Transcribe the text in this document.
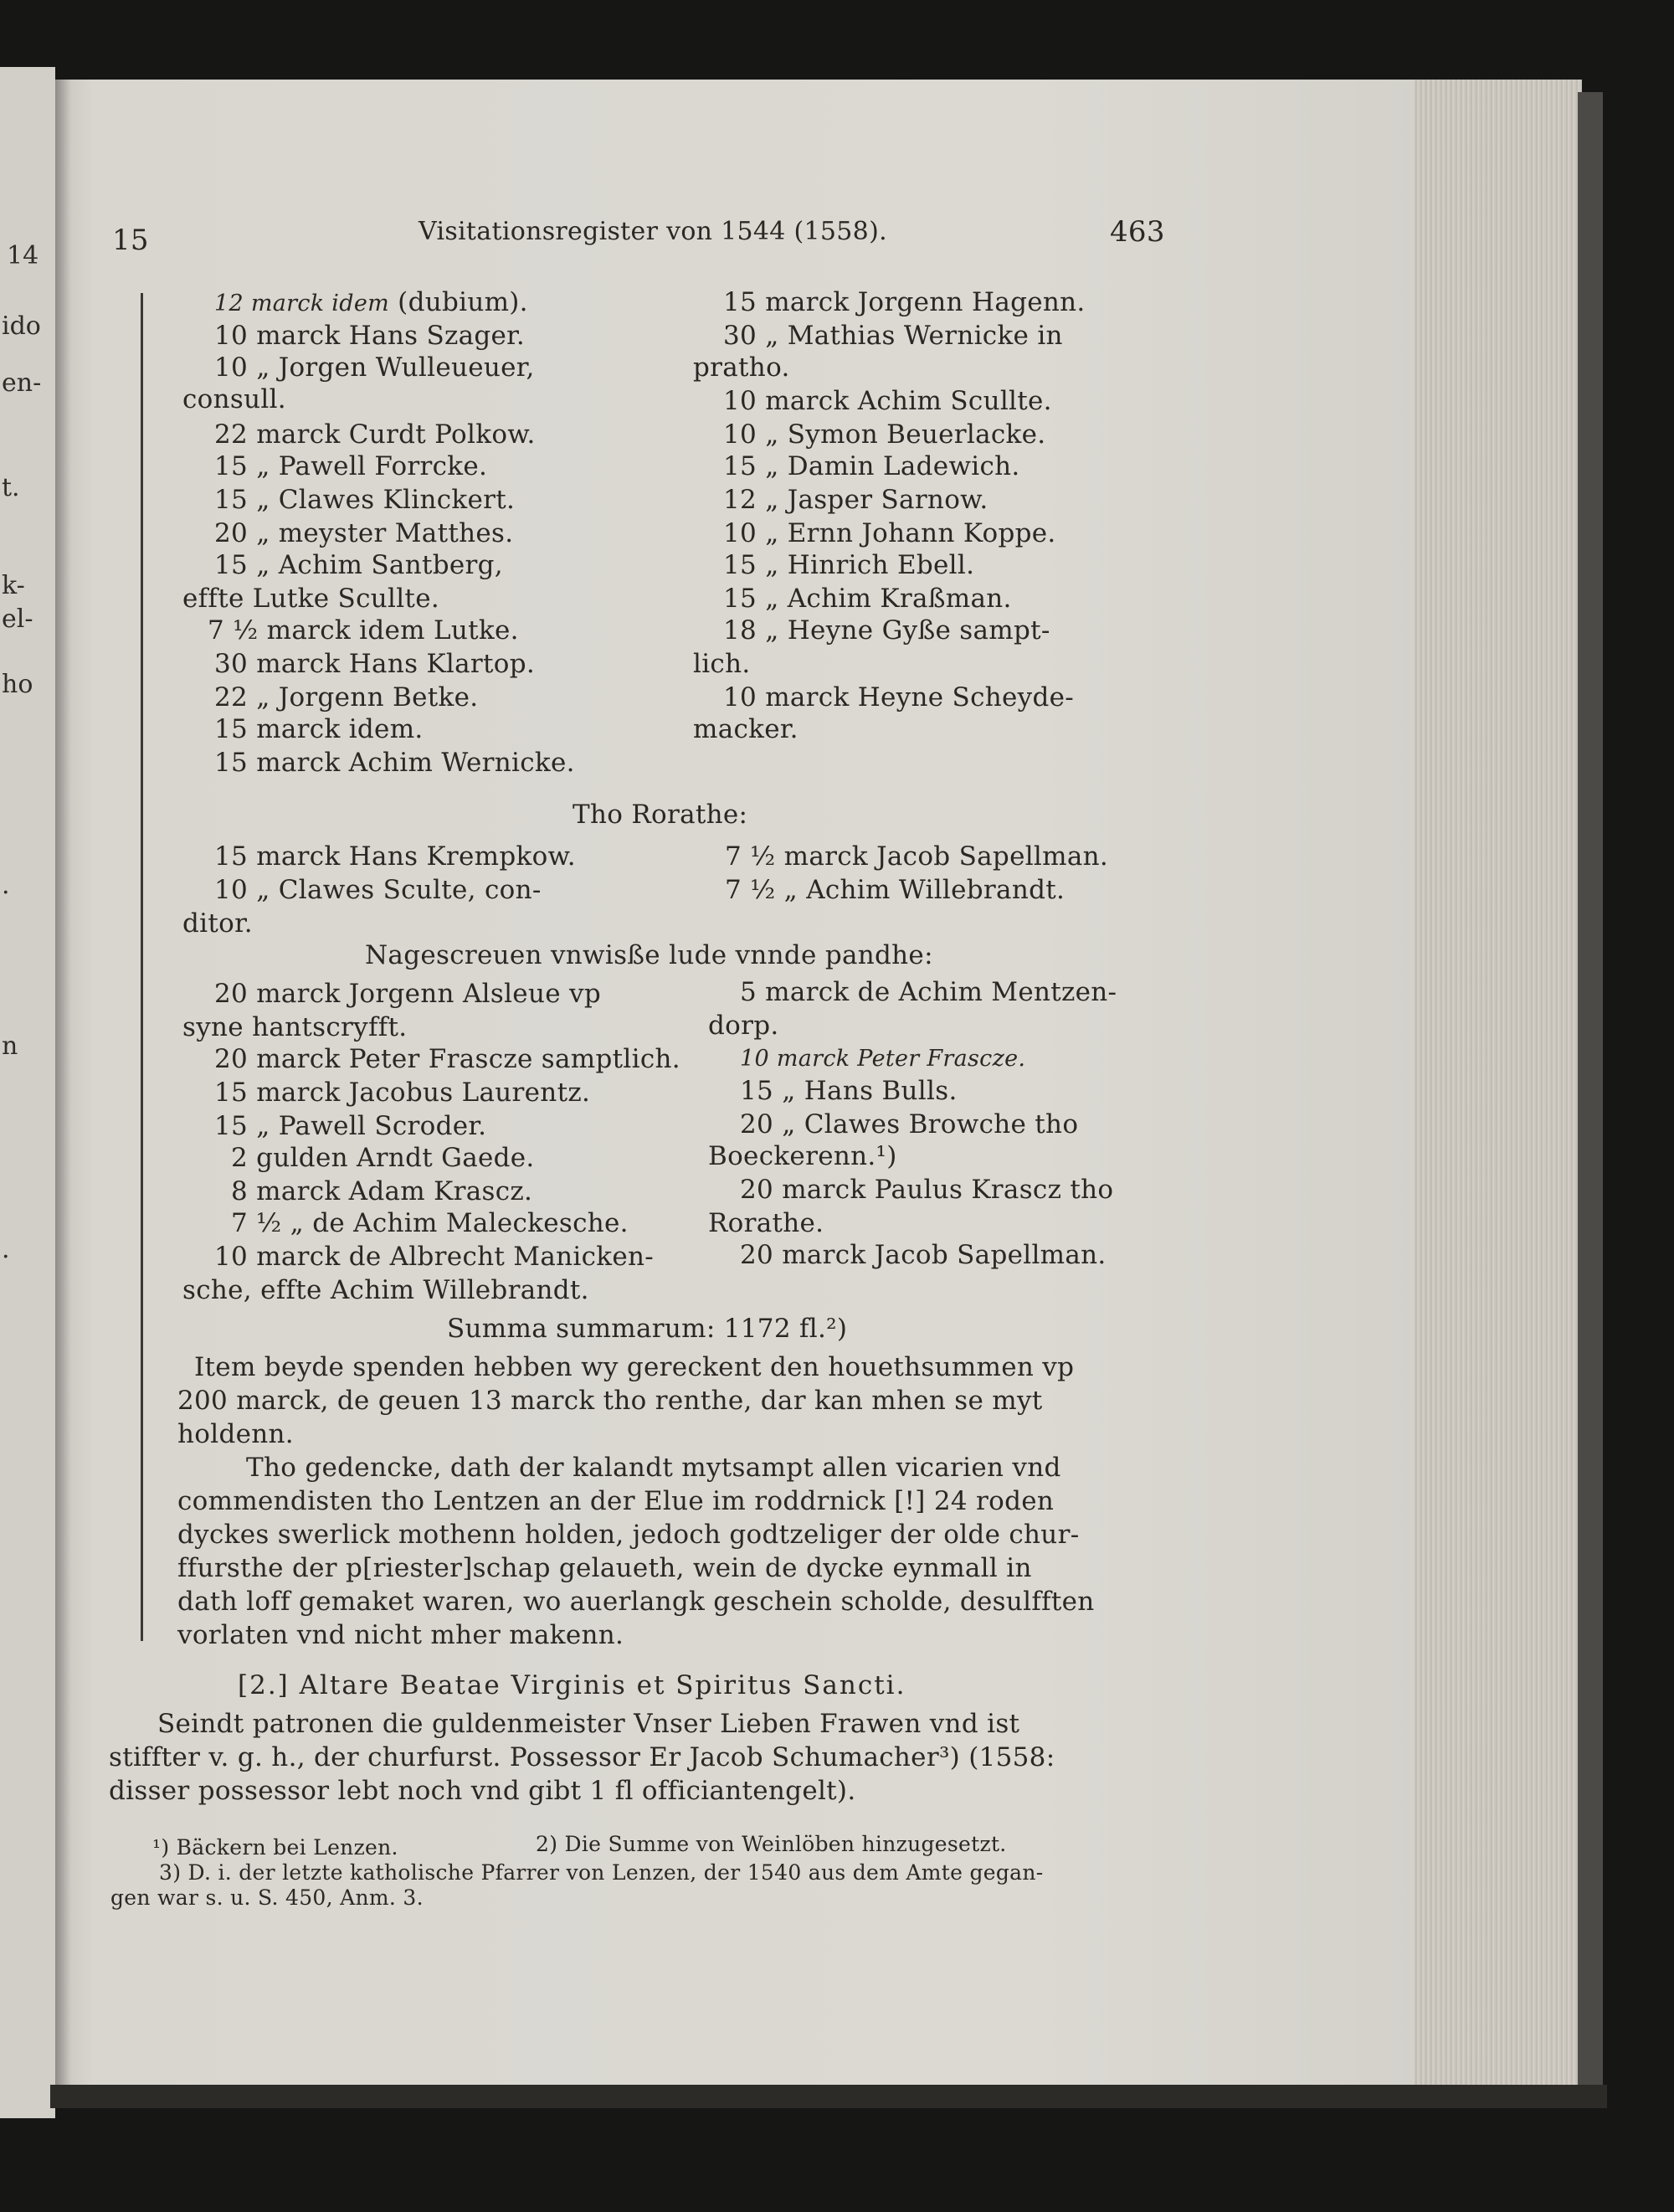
14
ido
en-
t.
k-
el-
ho
.
n
.
15	Visitationsregister von 1544 (1558).	463
12 marck idem (dubium).
10 marck Hans Szager.
10 „ Jorgen Wulleueuer,
consull.
22 marck Curdt Polkow.
15 „ Pawell Forrcke.
15 „ Clawes Klinckert.
20 „ meyster Matthes.
15 „ Achim Santberg,
effte Lutke Scullte.
7 ½ marck idem Lutke.
30 marck Hans Klartop.
22 „ Jorgenn Betke.
15 marck idem.
15 marck Achim Wernicke.
15 marck Jorgenn Hagenn.
30 „ Mathias Wernicke in
pratho.
10 marck Achim Scullte.
10 „ Symon Beuerlacke.
15 „ Damin Ladewich.
12 „ Jasper Sarnow.
10 „ Ernn Johann Koppe.
15 „ Hinrich Ebell.
15 „ Achim Kraßman.
18 „ Heyne Gyße sampt-
lich.
10 marck Heyne Scheyde-
macker.
Tho Rorathe:
15 marck Hans Krempkow.
10 „ Clawes Sculte, con-
ditor.
7 ½ marck Jacob Sapellman.
7 ½ „ Achim Willebrandt.
Nagescreuen vnwisße lude vnnde pandhe:
20 marck Jorgenn Alsleue vp
syne hantscryfft.
20 marck Peter Frascze samptlich.
15 marck Jacobus Laurentz.
15 „ Pawell Scroder.
2 gulden Arndt Gaede.
8 marck Adam Krascz.
7 ½ „ de Achim Maleckesche.
10 marck de Albrecht Manicken-
sche, effte Achim Willebrandt.
5 marck de Achim Mentzen-
dorp.
10 marck Peter Frascze.
15 „ Hans Bulls.
20 „ Clawes Browche tho
Boeckerenn.¹)
20 marck Paulus Krascz tho
Rorathe.
20 marck Jacob Sapellman.
Summa summarum: 1172 fl.²)
Item beyde spenden hebben wy gereckent den houethsummen vp
200 marck, de geuen 13 marck tho renthe, dar kan mhen se myt
holdenn.
Tho gedencke, dath der kalandt mytsampt allen vicarien vnd
commendisten tho Lentzen an der Elue im roddrnick [!] 24 roden
dyckes swerlick mothenn holden, jedoch godtzeliger der olde chur-
ffursthe der p[riester]schap gelaueth, wein de dycke eynmall in
dath loff gemaket waren, wo auerlangk geschein scholde, desulfften
vorlaten vnd nicht mher makenn.
[2.] Altare Beatae Virginis et Spiritus Sancti.
Seindt patronen die guldenmeister Vnser Lieben Frawen vnd ist
stiffter v. g. h., der churfurst. Possessor Er Jacob Schumacher³) (1558:
disser possessor lebt noch vnd gibt 1 fl officiantengelt).
¹) Bäckern bei Lenzen.	2) Die Summe von Weinlöben hinzugesetzt.
3) D. i. der letzte katholische Pfarrer von Lenzen, der 1540 aus dem Amte gegan-
gen war s. u. S. 450, Anm. 3.
